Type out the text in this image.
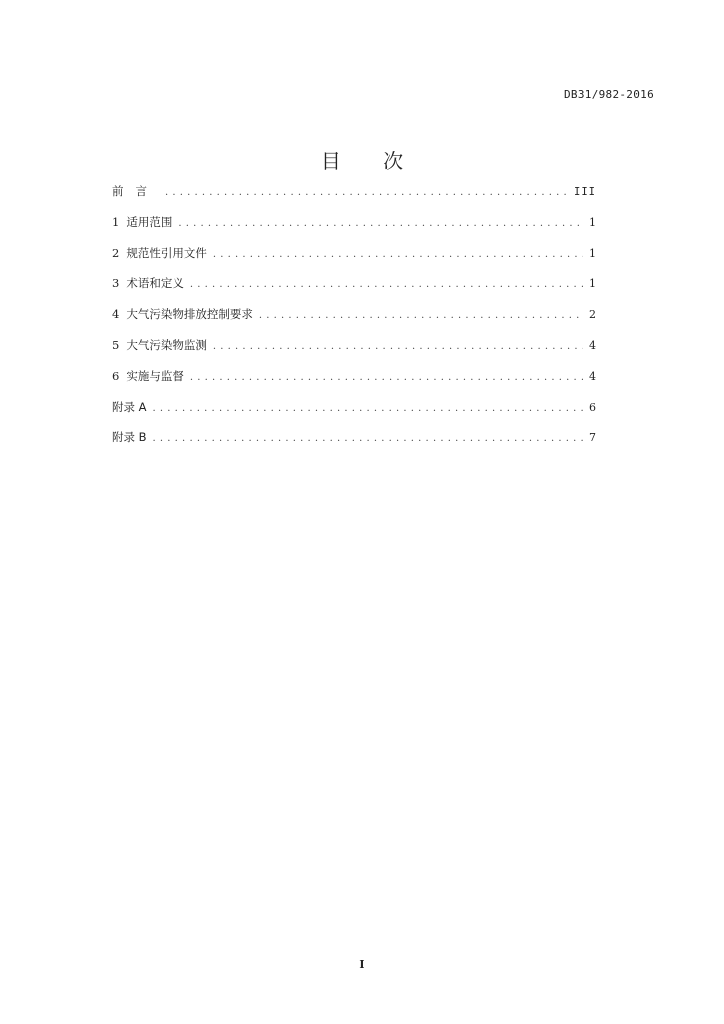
DB31/982-2016
目 次
前言 .....	III
1 适用范围 .....	1
2 规范性引用文件 .....	1
3 术语和定义 .....	1
4 大气污染物排放控制要求 .....	2
5 大气污染物监测 .....	4
6 实施与监督 .....	4
附录 A .....	6
附录 B .....	7
I
